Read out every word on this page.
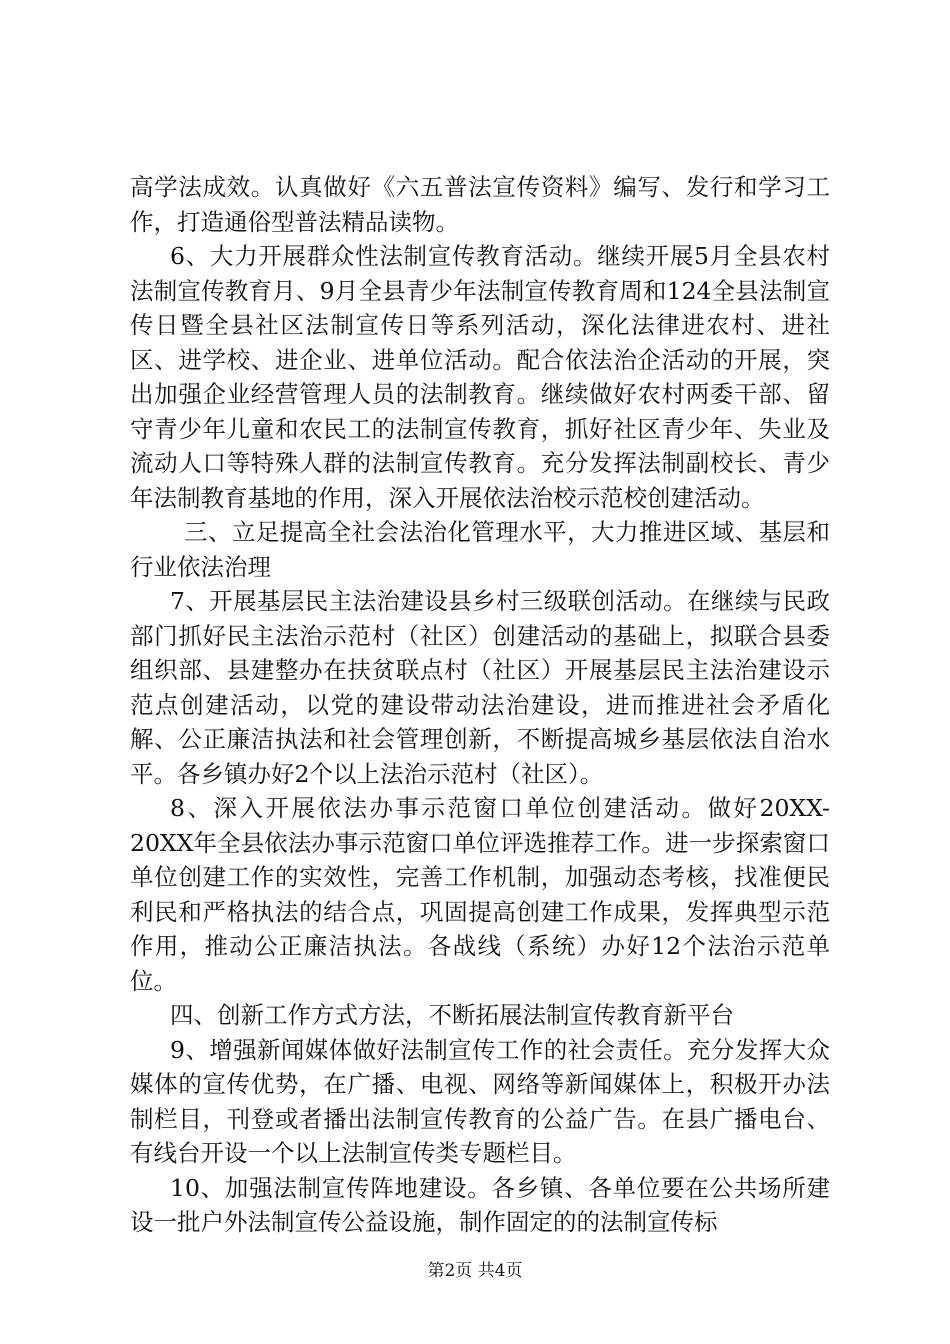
高学法成效。认真做好《六五普法宣传资料》编写、发行和学习工作，打造通俗型普法精品读物。

6、大力开展群众性法制宣传教育活动。继续开展5月全县农村法制宣传教育月、9月全县青少年法制宣传教育周和124全县法制宣传日暨全县社区法制宣传日等系列活动，深化法律进农村、进社区、进学校、进企业、进单位活动。配合依法治企活动的开展，突出加强企业经营管理人员的法制教育。继续做好农村两委干部、留守青少年儿童和农民工的法制宣传教育，抓好社区青少年、失业及流动人口等特殊人群的法制宣传教育。充分发挥法制副校长、青少年法制教育基地的作用，深入开展依法治校示范校创建活动。

三、立足提高全社会法治化管理水平，大力推进区域、基层和行业依法治理

7、开展基层民主法治建设县乡村三级联创活动。在继续与民政部门抓好民主法治示范村（社区）创建活动的基础上，拟联合县委组织部、县建整办在扶贫联点村（社区）开展基层民主法治建设示范点创建活动，以党的建设带动法治建设，进而推进社会矛盾化解、公正廉洁执法和社会管理创新，不断提高城乡基层依法自治水平。各乡镇办好2个以上法治示范村（社区）。

8、深入开展依法办事示范窗口单位创建活动。做好20XX-20XX年全县依法办事示范窗口单位评选推荐工作。进一步探索窗口单位创建工作的实效性，完善工作机制，加强动态考核，找准便民利民和严格执法的结合点，巩固提高创建工作成果，发挥典型示范作用，推动公正廉洁执法。各战线（系统）办好12个法治示范单位。

四、创新工作方式方法，不断拓展法制宣传教育新平台

9、增强新闻媒体做好法制宣传工作的社会责任。充分发挥大众媒体的宣传优势，在广播、电视、网络等新闻媒体上，积极开办法制栏目，刊登或者播出法制宣传教育的公益广告。在县广播电台、有线台开设一个以上法制宣传类专题栏目。

10、加强法制宣传阵地建设。各乡镇、各单位要在公共场所建设一批户外法制宣传公益设施，制作固定的的法制宣传标

第2页 共4页
